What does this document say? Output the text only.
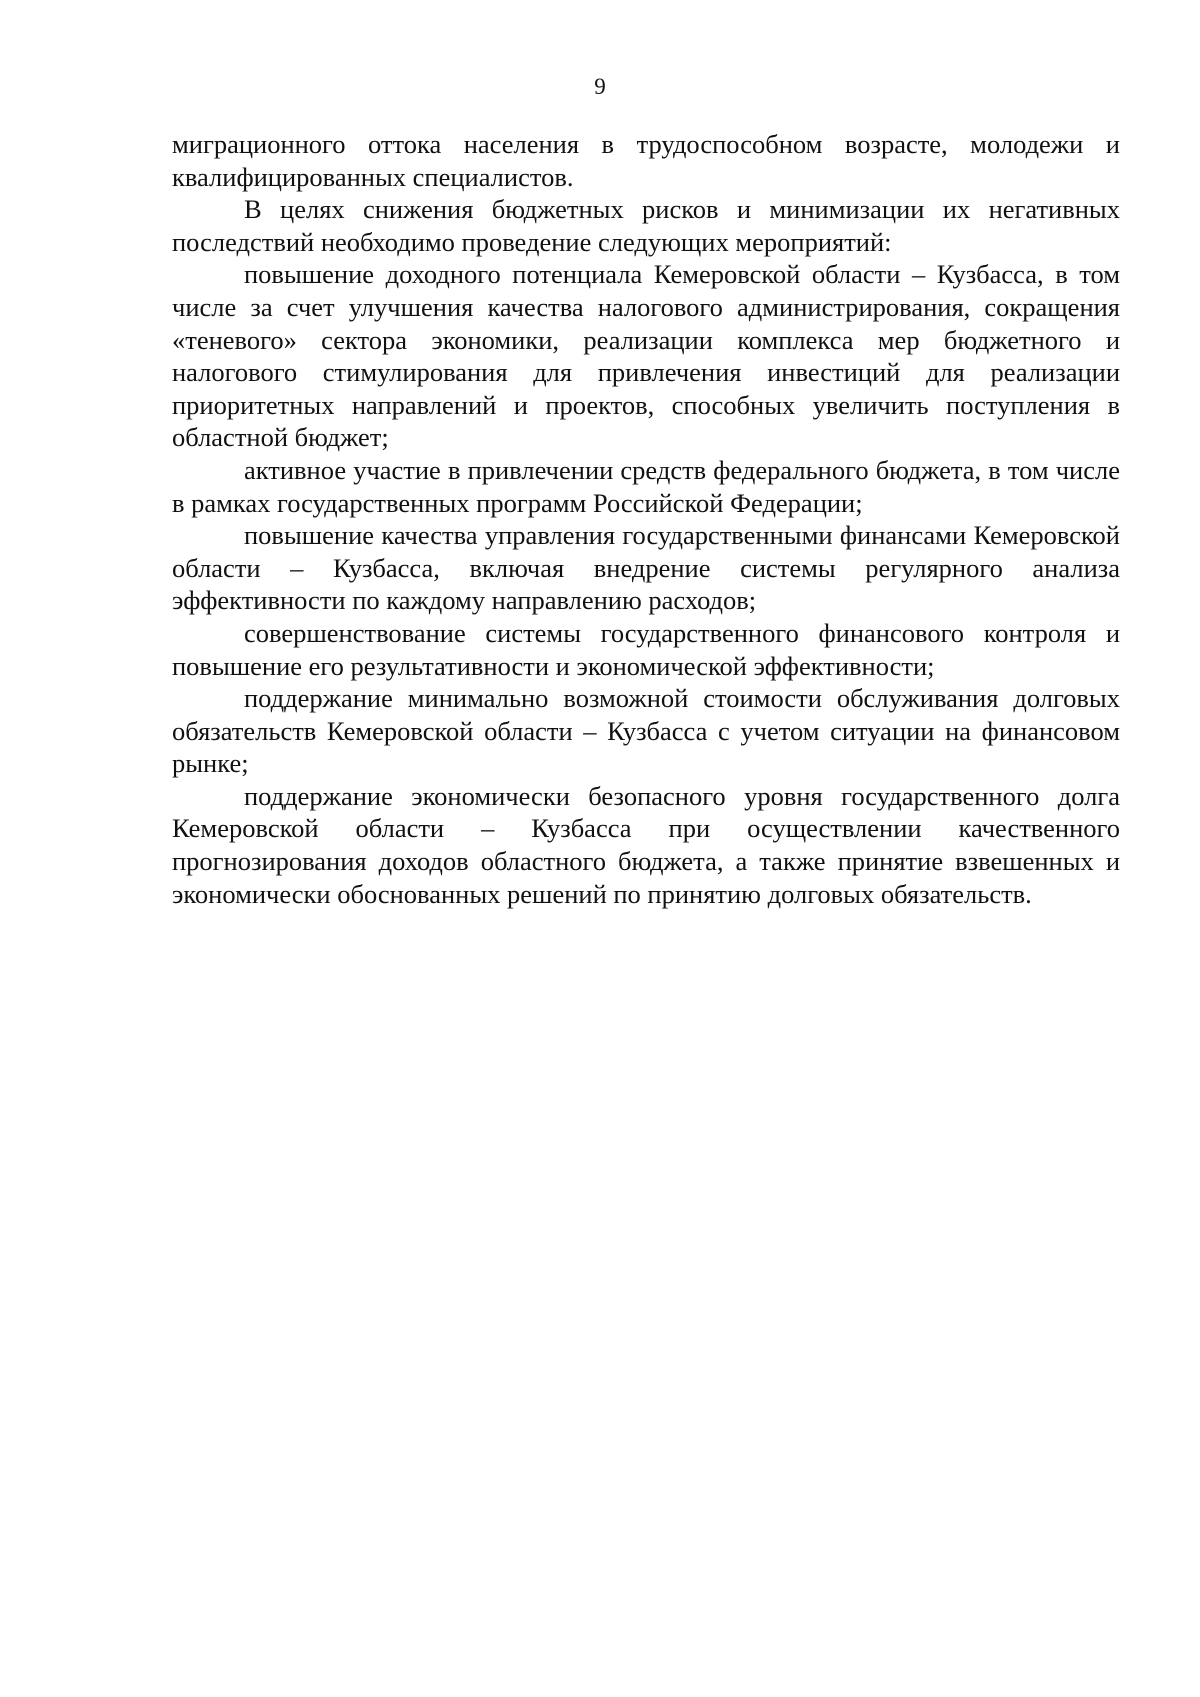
9

миграционного оттока населения в трудоспособном возрасте, молодежи и квалифицированных специалистов.

В целях снижения бюджетных рисков и минимизации их негативных последствий необходимо проведение следующих мероприятий:

повышение доходного потенциала Кемеровской области – Кузбасса, в том числе за счет улучшения качества налогового администрирования, сокращения «теневого» сектора экономики, реализации комплекса мер бюджетного и налогового стимулирования для привлечения инвестиций для реализации приоритетных направлений и проектов, способных увеличить поступления в областной бюджет;

активное участие в привлечении средств федерального бюджета, в том числе в рамках государственных программ Российской Федерации;

повышение качества управления государственными финансами Кемеровской области – Кузбасса, включая внедрение системы регулярного анализа эффективности по каждому направлению расходов;

совершенствование системы государственного финансового контроля и повышение его результативности и экономической эффективности;

поддержание минимально возможной стоимости обслуживания долговых обязательств Кемеровской области – Кузбасса с учетом ситуации на финансовом рынке;

поддержание экономически безопасного уровня государственного долга Кемеровской области – Кузбасса при осуществлении качественного прогнозирования доходов областного бюджета, а также принятие взвешенных и экономически обоснованных решений по принятию долговых обязательств.
